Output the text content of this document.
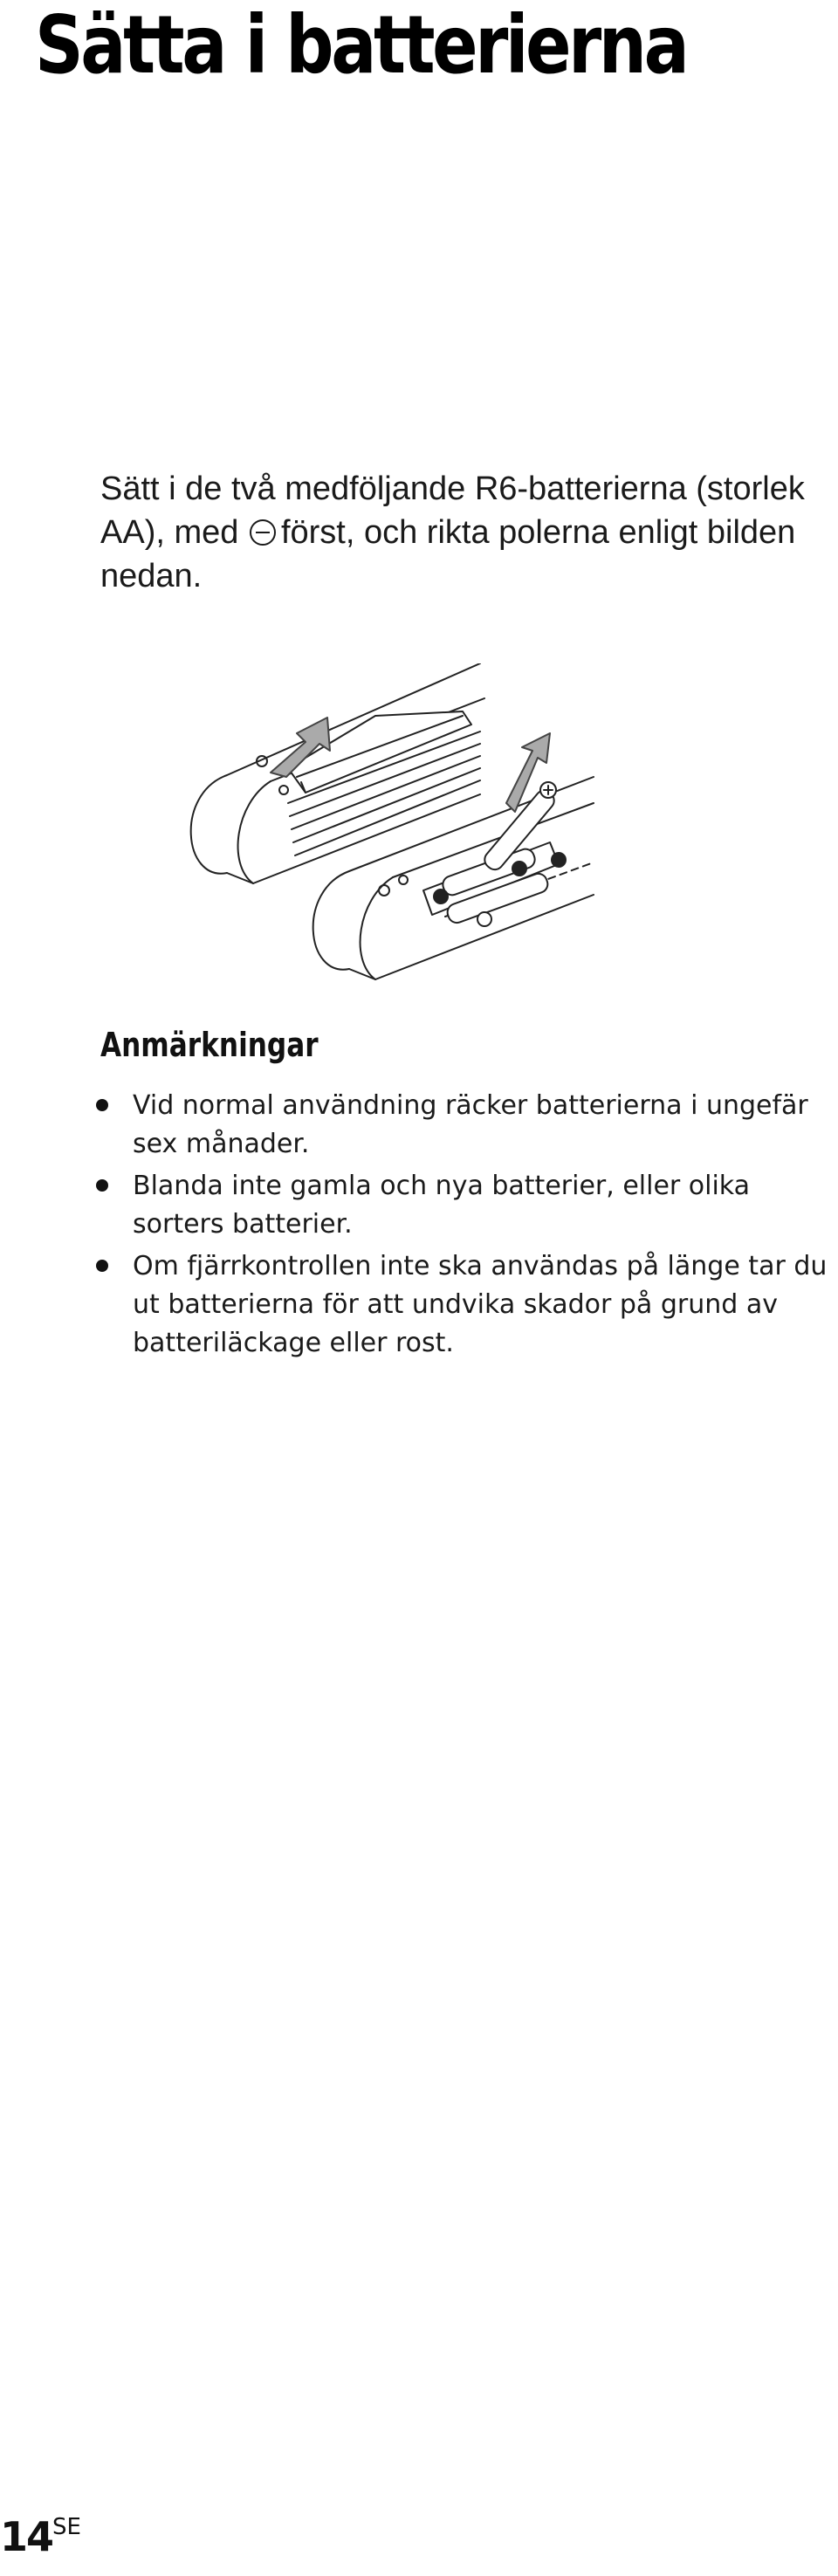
Sätta i batterierna

Sätt i de två medföljande R6-batterierna (storlek AA), med först, och rikta polerna enligt bilden nedan.

Anmärkningar
Vid normal användning räcker batterierna i ungefär sex månader.
Blanda inte gamla och nya batterier, eller olika sorters batterier.
Om fjärrkontrollen inte ska användas på länge tar du ut batterierna för att undvika skador på grund av batteriläckage eller rost.
14 SE
